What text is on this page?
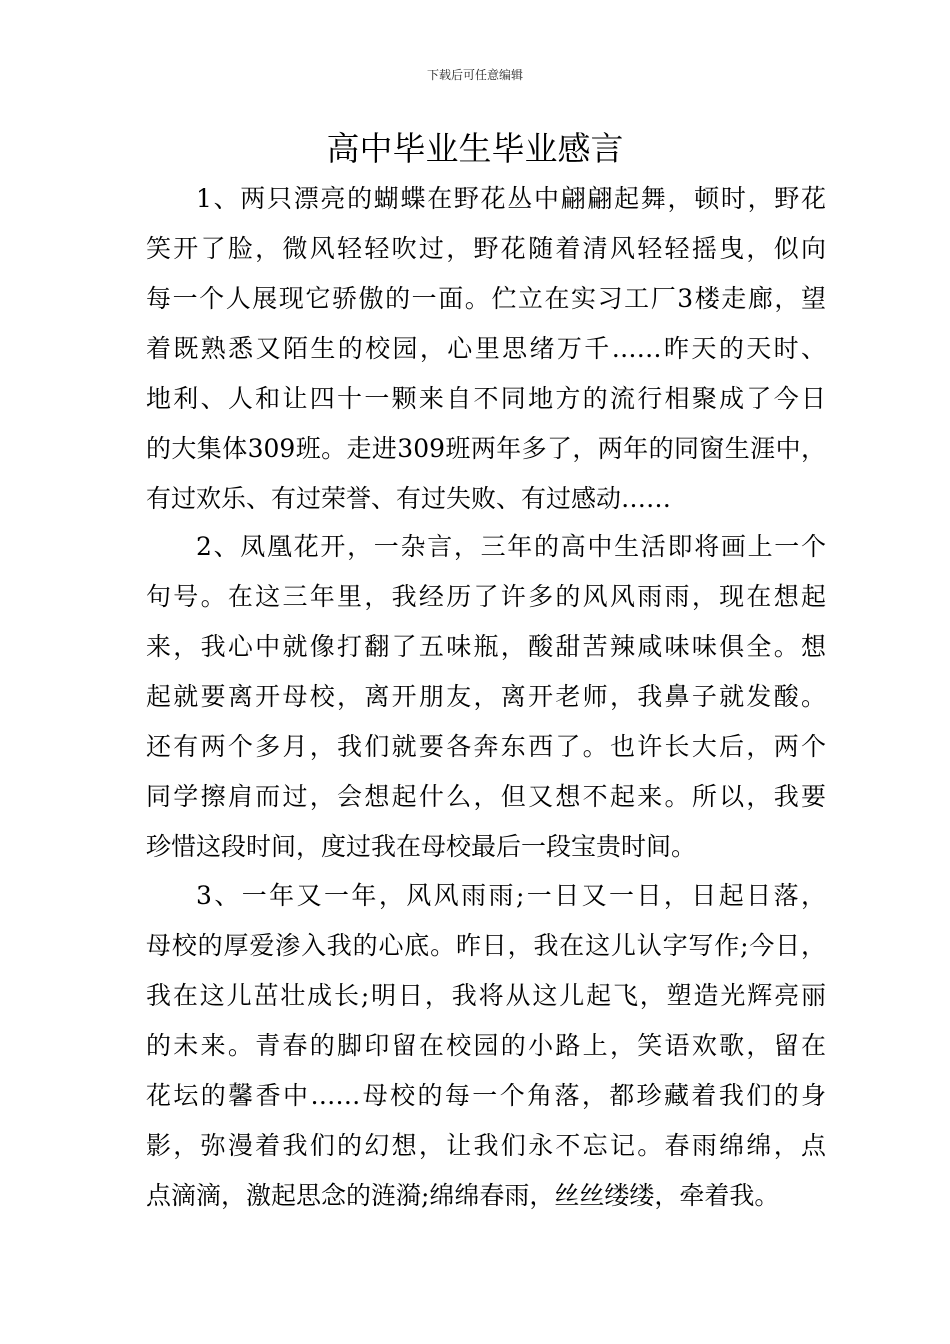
下载后可任意编辑
高中毕业生毕业感言
1、两只漂亮的蝴蝶在野花丛中翩翩起舞，顿时，野花
笑开了脸，微风轻轻吹过，野花随着清风轻轻摇曳，似向
每一个人展现它骄傲的一面。伫立在实习工厂3楼走廊，望
着既熟悉又陌生的校园，心里思绪万千……昨天的天时、
地利、人和让四十一颗来自不同地方的流行相聚成了今日
的大集体309班。走进309班两年多了，两年的同窗生涯中，
有过欢乐、有过荣誉、有过失败、有过感动……
2、凤凰花开，一杂言，三年的高中生活即将画上一个
句号。在这三年里，我经历了许多的风风雨雨，现在想起
来，我心中就像打翻了五味瓶，酸甜苦辣咸味味俱全。想
起就要离开母校，离开朋友，离开老师，我鼻子就发酸。
还有两个多月，我们就要各奔东西了。也许长大后，两个
同学擦肩而过，会想起什么，但又想不起来。所以，我要
珍惜这段时间，度过我在母校最后一段宝贵时间。
3、一年又一年，风风雨雨;一日又一日，日起日落，
母校的厚爱渗入我的心底。昨日，我在这儿认字写作;今日，
我在这儿茁壮成长;明日，我将从这儿起飞，塑造光辉亮丽
的未来。青春的脚印留在校园的小路上，笑语欢歌，留在
花坛的馨香中……母校的每一个角落，都珍藏着我们的身
影，弥漫着我们的幻想，让我们永不忘记。春雨绵绵，点
点滴滴，激起思念的涟漪;绵绵春雨，丝丝缕缕，牵着我。
